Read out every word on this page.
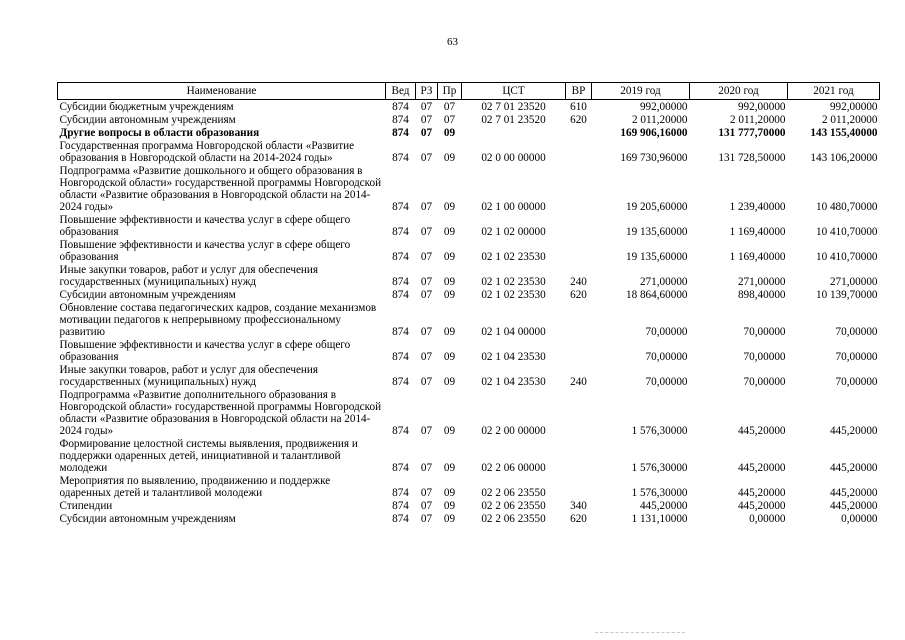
63
Наименование	Вед	РЗ	Пр	ЦСТ	ВР	2019 год	2020 год	2021 год
Субсидии бюджетным учреждениям	874	07	07	02 7 01 23520	610	992,00000	992,00000	992,00000
Субсидии автономным учреждениям	874	07	07	02 7 01 23520	620	2 011,20000	2 011,20000	2 011,20000
Другие вопросы в области образования	874	07	09			169 906,16000	131 777,70000	143 155,40000
Государственная программа Новгородской области «Развитие образования в Новгородской области на 2014-2024 годы»	874	07	09	02 0 00 00000		169 730,96000	131 728,50000	143 106,20000
Подпрограмма «Развитие дошкольного и общего образования в Новгородской области» государственной программы Новгородской области «Развитие образования в Новгородской области на 2014-2024 годы»	874	07	09	02 1 00 00000		19 205,60000	1 239,40000	10 480,70000
Повышение эффективности и качества услуг в сфере общего образования	874	07	09	02 1 02 00000		19 135,60000	1 169,40000	10 410,70000
Повышение эффективности и качества услуг в сфере общего образования	874	07	09	02 1 02 23530		19 135,60000	1 169,40000	10 410,70000
Иные закупки товаров, работ и услуг для обеспечения государственных (муниципальных) нужд	874	07	09	02 1 02 23530	240	271,00000	271,00000	271,00000
Субсидии автономным учреждениям	874	07	09	02 1 02 23530	620	18 864,60000	898,40000	10 139,70000
Обновление состава педагогических кадров, создание механизмов мотивации педагогов к непрерывному профессиональному развитию	874	07	09	02 1 04 00000		70,00000	70,00000	70,00000
Повышение эффективности и качества услуг в сфере общего образования	874	07	09	02 1 04 23530		70,00000	70,00000	70,00000
Иные закупки товаров, работ и услуг для обеспечения государственных (муниципальных) нужд	874	07	09	02 1 04 23530	240	70,00000	70,00000	70,00000
Подпрограмма «Развитие дополнительного образования в Новгородской области» государственной программы Новгородской области «Развитие образования в Новгородской области на 2014-2024 годы»	874	07	09	02 2 00 00000		1 576,30000	445,20000	445,20000
Формирование целостной системы выявления, продвижения и поддержки одаренных детей, инициативной и талантливой молодежи	874	07	09	02 2 06 00000		1 576,30000	445,20000	445,20000
Мероприятия по выявлению, продвижению и поддержке одаренных детей и талантливой молодежи	874	07	09	02 2 06 23550		1 576,30000	445,20000	445,20000
Стипендии	874	07	09	02 2 06 23550	340	445,20000	445,20000	445,20000
Субсидии автономным учреждениям	874	07	09	02 2 06 23550	620	1 131,10000	0,00000	0,00000
